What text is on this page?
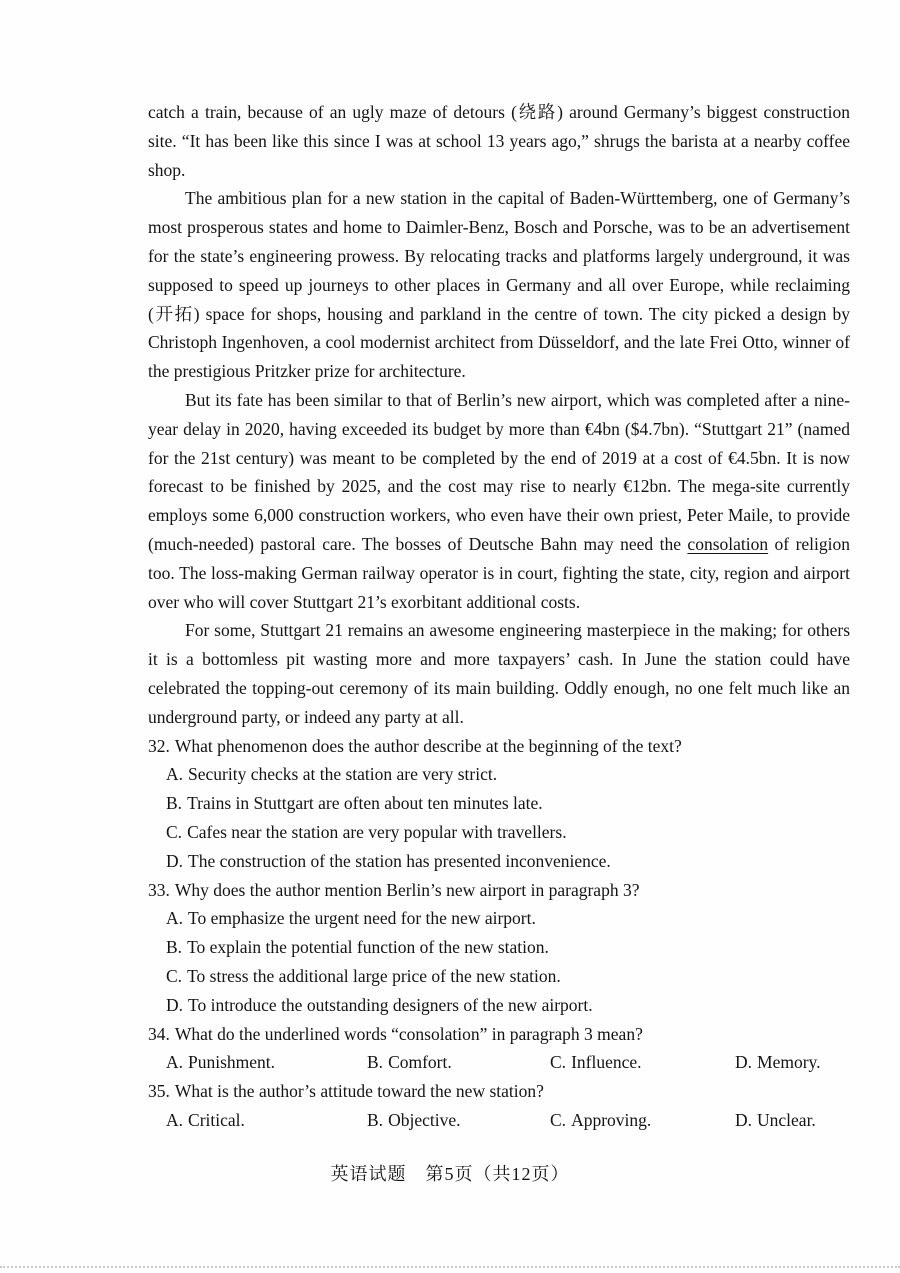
catch a train, because of an ugly maze of detours (绕路) around Germany’s biggest construction site. “It has been like this since I was at school 13 years ago,” shrugs the barista at a nearby coffee shop.

The ambitious plan for a new station in the capital of Baden-Württemberg, one of Germany’s most prosperous states and home to Daimler-Benz, Bosch and Porsche, was to be an advertisement for the state’s engineering prowess. By relocating tracks and platforms largely underground, it was supposed to speed up journeys to other places in Germany and all over Europe, while reclaiming (开拓) space for shops, housing and parkland in the centre of town. The city picked a design by Christoph Ingenhoven, a cool modernist architect from Düsseldorf, and the late Frei Otto, winner of the prestigious Pritzker prize for architecture.

But its fate has been similar to that of Berlin’s new airport, which was completed after a nine-year delay in 2020, having exceeded its budget by more than €4bn ($4.7bn). “Stuttgart 21” (named for the 21st century) was meant to be completed by the end of 2019 at a cost of €4.5bn. It is now forecast to be finished by 2025, and the cost may rise to nearly €12bn. The mega-site currently employs some 6,000 construction workers, who even have their own priest, Peter Maile, to provide (much-needed) pastoral care. The bosses of Deutsche Bahn may need the consolation of religion too. The loss-making German railway operator is in court, fighting the state, city, region and airport over who will cover Stuttgart 21’s exorbitant additional costs.

For some, Stuttgart 21 remains an awesome engineering masterpiece in the making; for others it is a bottomless pit wasting more and more taxpayers’ cash. In June the station could have celebrated the topping-out ceremony of its main building. Oddly enough, no one felt much like an underground party, or indeed any party at all.

32. What phenomenon does the author describe at the beginning of the text?
A. Security checks at the station are very strict.
B. Trains in Stuttgart are often about ten minutes late.
C. Cafes near the station are very popular with travellers.
D. The construction of the station has presented inconvenience.
33. Why does the author mention Berlin’s new airport in paragraph 3?
A. To emphasize the urgent need for the new airport.
B. To explain the potential function of the new station.
C. To stress the additional large price of the new station.
D. To introduce the outstanding designers of the new airport.
34. What do the underlined words “consolation” in paragraph 3 mean?
A. Punishment.	B. Comfort.	C. Influence.	D. Memory.
35. What is the author’s attitude toward the new station?
A. Critical.	B. Objective.	C. Approving.	D. Unclear.
英语试题　第5页（共12页）
